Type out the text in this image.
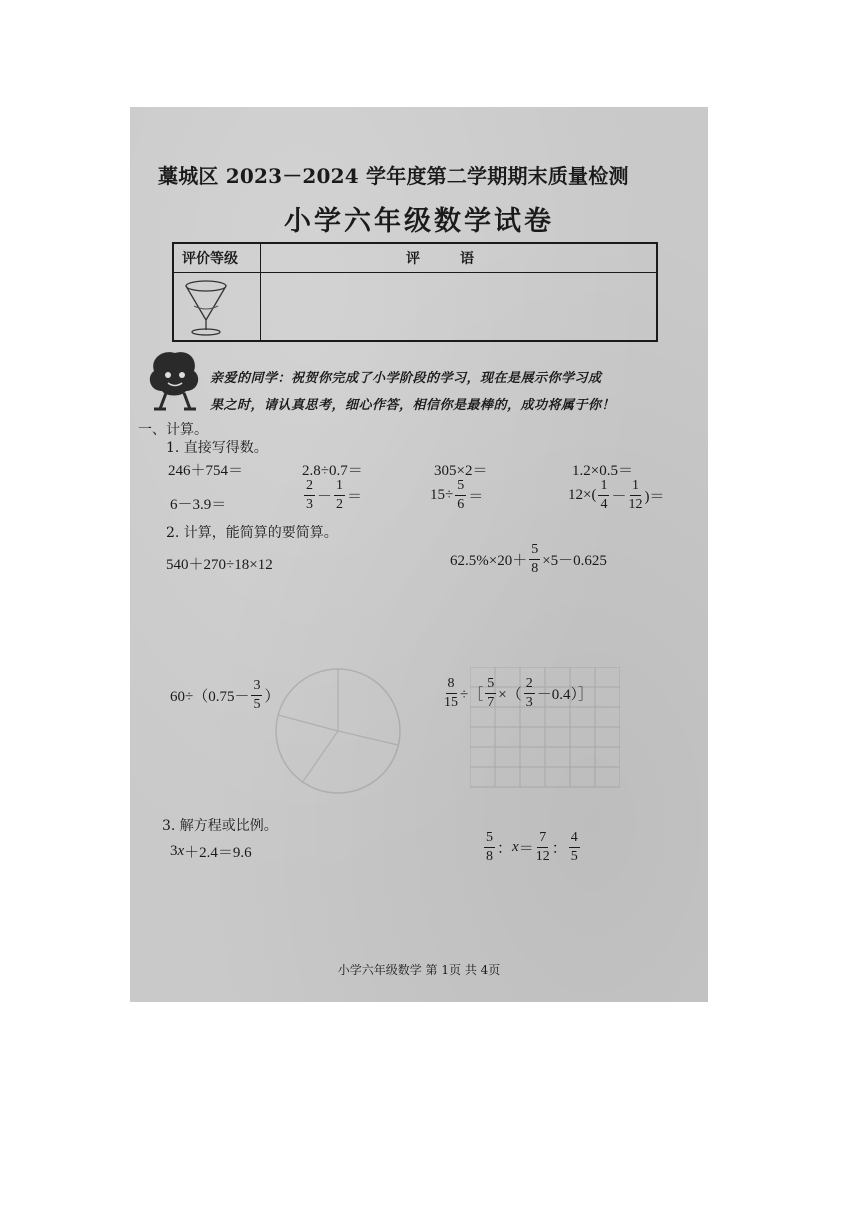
藁城区 2023－2024 学年度第二学期期末质量检测
小学六年级数学试卷
评价等级	评语
亲爱的同学：祝贺你完成了小学阶段的学习，现在是展示你学习成
果之时，请认真思考，细心作答，相信你是最棒的，成功将属于你！
一、计算。
1. 直接写得数。
246＋754＝	2.8÷0.7＝	305×2＝	1.2×0.5＝
6－3.9＝	$\frac{2}{3} - \frac{1}{2}$ ＝	$15\div \frac{5}{6}$ ＝	$12\times( \frac{1}{4} - \frac{1}{12}$ )＝
2. 计算，能简算的要简算。
540＋270÷18×12	$62.5\%\times 20+ \frac{5}{8} \times 5-0.625$
$60\div(0.75- \frac{3}{5}$ ）	$\frac{8}{15}$ ÷［ $\frac{5}{7}$ ×（ $\frac{2}{3}$ －0.4）］
3. 解方程或比例。
3 x ＋2.4＝9.6	$\frac{5}{8}$ ： $x = \frac{7}{12}$ ： $\frac{4}{5}$
小学六年级数学 第 1页 共 4页
